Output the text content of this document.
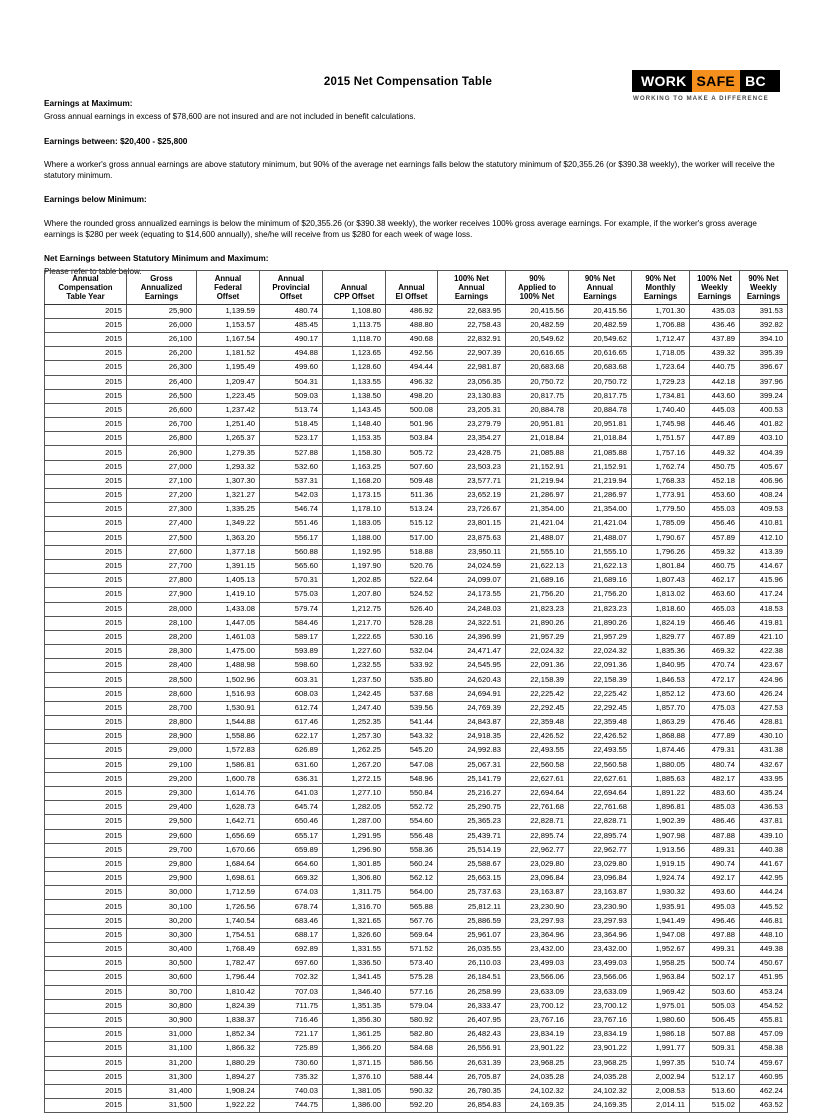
2015 Net Compensation Table	WORK SAFE BC
WORKING TO MAKE A DIFFERENCE

Earnings at Maximum:

Gross annual earnings in excess of $78,600 are not insured and are not included in benefit calculations.

Earnings between: $20,400 - $25,800

Where a worker's gross annual earnings are above statutory minimum, but 90% of the average net earnings falls below the statutory minimum of $20,355.26 (or $390.38 weekly), the worker will receive the statutory minimum.

Earnings below Minimum:

Where the rounded gross annualized earnings is below the minimum of $20,355.26 (or $390.38 weekly), the worker receives 100% gross average earnings. For example, if the worker's gross average earnings is $280 per week (equating to $14,600 annually), she/he will receive from us $280 for each week of wage loss.

Net Earnings between Statutory Minimum and Maximum:

Please refer to table below.

Annual
Compensation
Table Year	Gross
Annualized
Earnings	Annual
Federal
Offset	Annual
Provincial
Offset	Annual
CPP Offset	Annual
EI Offset	100% Net
Annual
Earnings	90%
Applied to
100% Net	90% Net
Annual
Earnings	90% Net
Monthly
Earnings	100% Net
Weekly
Earnings	90% Net
Weekly
Earnings

2015	25,900	1,139.59	480.74	1,108.80	486.92	22,683.95	20,415.56	20,415.56	1,701.30	435.03	391.53
2015	26,000	1,153.57	485.45	1,113.75	488.80	22,758.43	20,482.59	20,482.59	1,706.88	436.46	392.82
2015	26,100	1,167.54	490.17	1,118.70	490.68	22,832.91	20,549.62	20,549.62	1,712.47	437.89	394.10
2015	26,200	1,181.52	494.88	1,123.65	492.56	22,907.39	20,616.65	20,616.65	1,718.05	439.32	395.39
2015	26,300	1,195.49	499.60	1,128.60	494.44	22,981.87	20,683.68	20,683.68	1,723.64	440.75	396.67
2015	26,400	1,209.47	504.31	1,133.55	496.32	23,056.35	20,750.72	20,750.72	1,729.23	442.18	397.96
2015	26,500	1,223.45	509.03	1,138.50	498.20	23,130.83	20,817.75	20,817.75	1,734.81	443.60	399.24
2015	26,600	1,237.42	513.74	1,143.45	500.08	23,205.31	20,884.78	20,884.78	1,740.40	445.03	400.53
2015	26,700	1,251.40	518.45	1,148.40	501.96	23,279.79	20,951.81	20,951.81	1,745.98	446.46	401.82
2015	26,800	1,265.37	523.17	1,153.35	503.84	23,354.27	21,018.84	21,018.84	1,751.57	447.89	403.10
2015	26,900	1,279.35	527.88	1,158.30	505.72	23,428.75	21,085.88	21,085.88	1,757.16	449.32	404.39
2015	27,000	1,293.32	532.60	1,163.25	507.60	23,503.23	21,152.91	21,152.91	1,762.74	450.75	405.67
2015	27,100	1,307.30	537.31	1,168.20	509.48	23,577.71	21,219.94	21,219.94	1,768.33	452.18	406.96
2015	27,200	1,321.27	542.03	1,173.15	511.36	23,652.19	21,286.97	21,286.97	1,773.91	453.60	408.24
2015	27,300	1,335.25	546.74	1,178.10	513.24	23,726.67	21,354.00	21,354.00	1,779.50	455.03	409.53
2015	27,400	1,349.22	551.46	1,183.05	515.12	23,801.15	21,421.04	21,421.04	1,785.09	456.46	410.81
2015	27,500	1,363.20	556.17	1,188.00	517.00	23,875.63	21,488.07	21,488.07	1,790.67	457.89	412.10
2015	27,600	1,377.18	560.88	1,192.95	518.88	23,950.11	21,555.10	21,555.10	1,796.26	459.32	413.39
2015	27,700	1,391.15	565.60	1,197.90	520.76	24,024.59	21,622.13	21,622.13	1,801.84	460.75	414.67
2015	27,800	1,405.13	570.31	1,202.85	522.64	24,099.07	21,689.16	21,689.16	1,807.43	462.17	415.96
2015	27,900	1,419.10	575.03	1,207.80	524.52	24,173.55	21,756.20	21,756.20	1,813.02	463.60	417.24
2015	28,000	1,433.08	579.74	1,212.75	526.40	24,248.03	21,823.23	21,823.23	1,818.60	465.03	418.53
2015	28,100	1,447.05	584.46	1,217.70	528.28	24,322.51	21,890.26	21,890.26	1,824.19	466.46	419.81
2015	28,200	1,461.03	589.17	1,222.65	530.16	24,396.99	21,957.29	21,957.29	1,829.77	467.89	421.10
2015	28,300	1,475.00	593.89	1,227.60	532.04	24,471.47	22,024.32	22,024.32	1,835.36	469.32	422.38
2015	28,400	1,488.98	598.60	1,232.55	533.92	24,545.95	22,091.36	22,091.36	1,840.95	470.74	423.67
2015	28,500	1,502.96	603.31	1,237.50	535.80	24,620.43	22,158.39	22,158.39	1,846.53	472.17	424.96
2015	28,600	1,516.93	608.03	1,242.45	537.68	24,694.91	22,225.42	22,225.42	1,852.12	473.60	426.24
2015	28,700	1,530.91	612.74	1,247.40	539.56	24,769.39	22,292.45	22,292.45	1,857.70	475.03	427.53
2015	28,800	1,544.88	617.46	1,252.35	541.44	24,843.87	22,359.48	22,359.48	1,863.29	476.46	428.81
2015	28,900	1,558.86	622.17	1,257.30	543.32	24,918.35	22,426.52	22,426.52	1,868.88	477.89	430.10
2015	29,000	1,572.83	626.89	1,262.25	545.20	24,992.83	22,493.55	22,493.55	1,874.46	479.31	431.38
2015	29,100	1,586.81	631.60	1,267.20	547.08	25,067.31	22,560.58	22,560.58	1,880.05	480.74	432.67
2015	29,200	1,600.78	636.31	1,272.15	548.96	25,141.79	22,627.61	22,627.61	1,885.63	482.17	433.95
2015	29,300	1,614.76	641.03	1,277.10	550.84	25,216.27	22,694.64	22,694.64	1,891.22	483.60	435.24
2015	29,400	1,628.73	645.74	1,282.05	552.72	25,290.75	22,761.68	22,761.68	1,896.81	485.03	436.53
2015	29,500	1,642.71	650.46	1,287.00	554.60	25,365.23	22,828.71	22,828.71	1,902.39	486.46	437.81
2015	29,600	1,656.69	655.17	1,291.95	556.48	25,439.71	22,895.74	22,895.74	1,907.98	487.88	439.10
2015	29,700	1,670.66	659.89	1,296.90	558.36	25,514.19	22,962.77	22,962.77	1,913.56	489.31	440.38
2015	29,800	1,684.64	664.60	1,301.85	560.24	25,588.67	23,029.80	23,029.80	1,919.15	490.74	441.67
2015	29,900	1,698.61	669.32	1,306.80	562.12	25,663.15	23,096.84	23,096.84	1,924.74	492.17	442.95
2015	30,000	1,712.59	674.03	1,311.75	564.00	25,737.63	23,163.87	23,163.87	1,930.32	493.60	444.24
2015	30,100	1,726.56	678.74	1,316.70	565.88	25,812.11	23,230.90	23,230.90	1,935.91	495.03	445.52
2015	30,200	1,740.54	683.46	1,321.65	567.76	25,886.59	23,297.93	23,297.93	1,941.49	496.46	446.81
2015	30,300	1,754.51	688.17	1,326.60	569.64	25,961.07	23,364.96	23,364.96	1,947.08	497.88	448.10
2015	30,400	1,768.49	692.89	1,331.55	571.52	26,035.55	23,432.00	23,432.00	1,952.67	499.31	449.38
2015	30,500	1,782.47	697.60	1,336.50	573.40	26,110.03	23,499.03	23,499.03	1,958.25	500.74	450.67
2015	30,600	1,796.44	702.32	1,341.45	575.28	26,184.51	23,566.06	23,566.06	1,963.84	502.17	451.95
2015	30,700	1,810.42	707.03	1,346.40	577.16	26,258.99	23,633.09	23,633.09	1,969.42	503.60	453.24
2015	30,800	1,824.39	711.75	1,351.35	579.04	26,333.47	23,700.12	23,700.12	1,975.01	505.03	454.52
2015	30,900	1,838.37	716.46	1,356.30	580.92	26,407.95	23,767.16	23,767.16	1,980.60	506.45	455.81
2015	31,000	1,852.34	721.17	1,361.25	582.80	26,482.43	23,834.19	23,834.19	1,986.18	507.88	457.09
2015	31,100	1,866.32	725.89	1,366.20	584.68	26,556.91	23,901.22	23,901.22	1,991.77	509.31	458.38
2015	31,200	1,880.29	730.60	1,371.15	586.56	26,631.39	23,968.25	23,968.25	1,997.35	510.74	459.67
2015	31,300	1,894.27	735.32	1,376.10	588.44	26,705.87	24,035.28	24,035.28	2,002.94	512.17	460.95
2015	31,400	1,908.24	740.03	1,381.05	590.32	26,780.35	24,102.32	24,102.32	2,008.53	513.60	462.24
2015	31,500	1,922.22	744.75	1,386.00	592.20	26,854.83	24,169.35	24,169.35	2,014.11	515.02	463.52
